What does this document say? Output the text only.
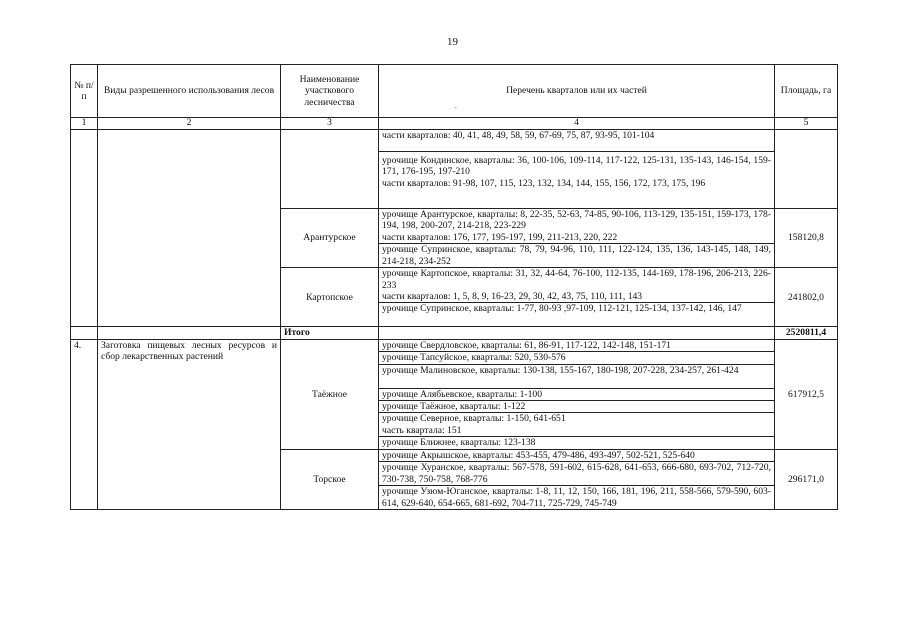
19
.
№ п/п	Виды разрешенного использования лесов	Наименование участкового лесничества	Перечень кварталов или их частей	Площадь, га
1	2	3	4	5
			части кварталов: 40, 41, 48, 49, 58, 59, 67-69, 75, 87, 93-95, 101-104	

			урочище Кондинское, кварталы: 36, 100-106, 109-114, 117-122, 125-131, 135-143, 146-154, 159-171, 176-195, 197-210
части кварталов: 91-98, 107, 115, 123, 132, 134, 144, 155, 156, 172, 173, 175, 196	

		Арантурское	урочище Арантурское, кварталы: 8, 22-35, 52-63, 74-85, 90-106, 113-129, 135-151, 159-173, 178-194, 198, 200-207, 214-218, 223-229
части кварталов: 176, 177, 195-197, 199, 211-213, 220, 222	158120,8
			урочище Супринское, кварталы: 78, 79, 94-96, 110, 111, 122-124, 135, 136, 143-145, 148, 149, 214-218, 234-252	
		Картопское	урочище Картопское, кварталы: 31, 32, 44-64, 76-100, 112-135, 144-169, 178-196, 206-213, 226-233
части кварталов: 1, 5, 8, 9, 16-23, 29, 30, 42, 43, 75, 110, 111, 143	241802,0
			урочище Супринское, кварталы: 1-77, 80-93 ,97-109, 112-121, 125-134, 137-142, 146, 147	
		Итого		2520811,4
4.	Заготовка пищевых лесных ресурсов и сбор лекарственных растений	Таёжное	урочище Свердловское, кварталы: 61, 86-91, 117-122, 142-148, 151-171	617912,5
			урочище Тапсуйское, кварталы: 520, 530-576	
			урочище Малиновское, кварталы: 130-138, 155-167, 180-198, 207-228, 234-257, 261-424	
			урочище Алябьевское, кварталы: 1-100	
			урочище Таёжное, кварталы: 1-122	

			урочище Северное, кварталы: 1-150, 641-651
часть квартала: 151	

			урочище Ближнее, кварталы: 123-138	

		Торское	урочище Акрышское, кварталы: 453-455, 479-486, 493-497, 502-521, 525-640	296171,0
			урочище Хуранское, кварталы: 567-578, 591-602, 615-628, 641-653, 666-680, 693-702, 712-720, 730-738, 750-758, 768-776	
			урочище Узюм-Юганское, кварталы: 1-8, 11, 12, 150, 166, 181, 196, 211, 558-566, 579-590, 603-614, 629-640, 654-665, 681-692, 704-711, 725-729, 745-749	
